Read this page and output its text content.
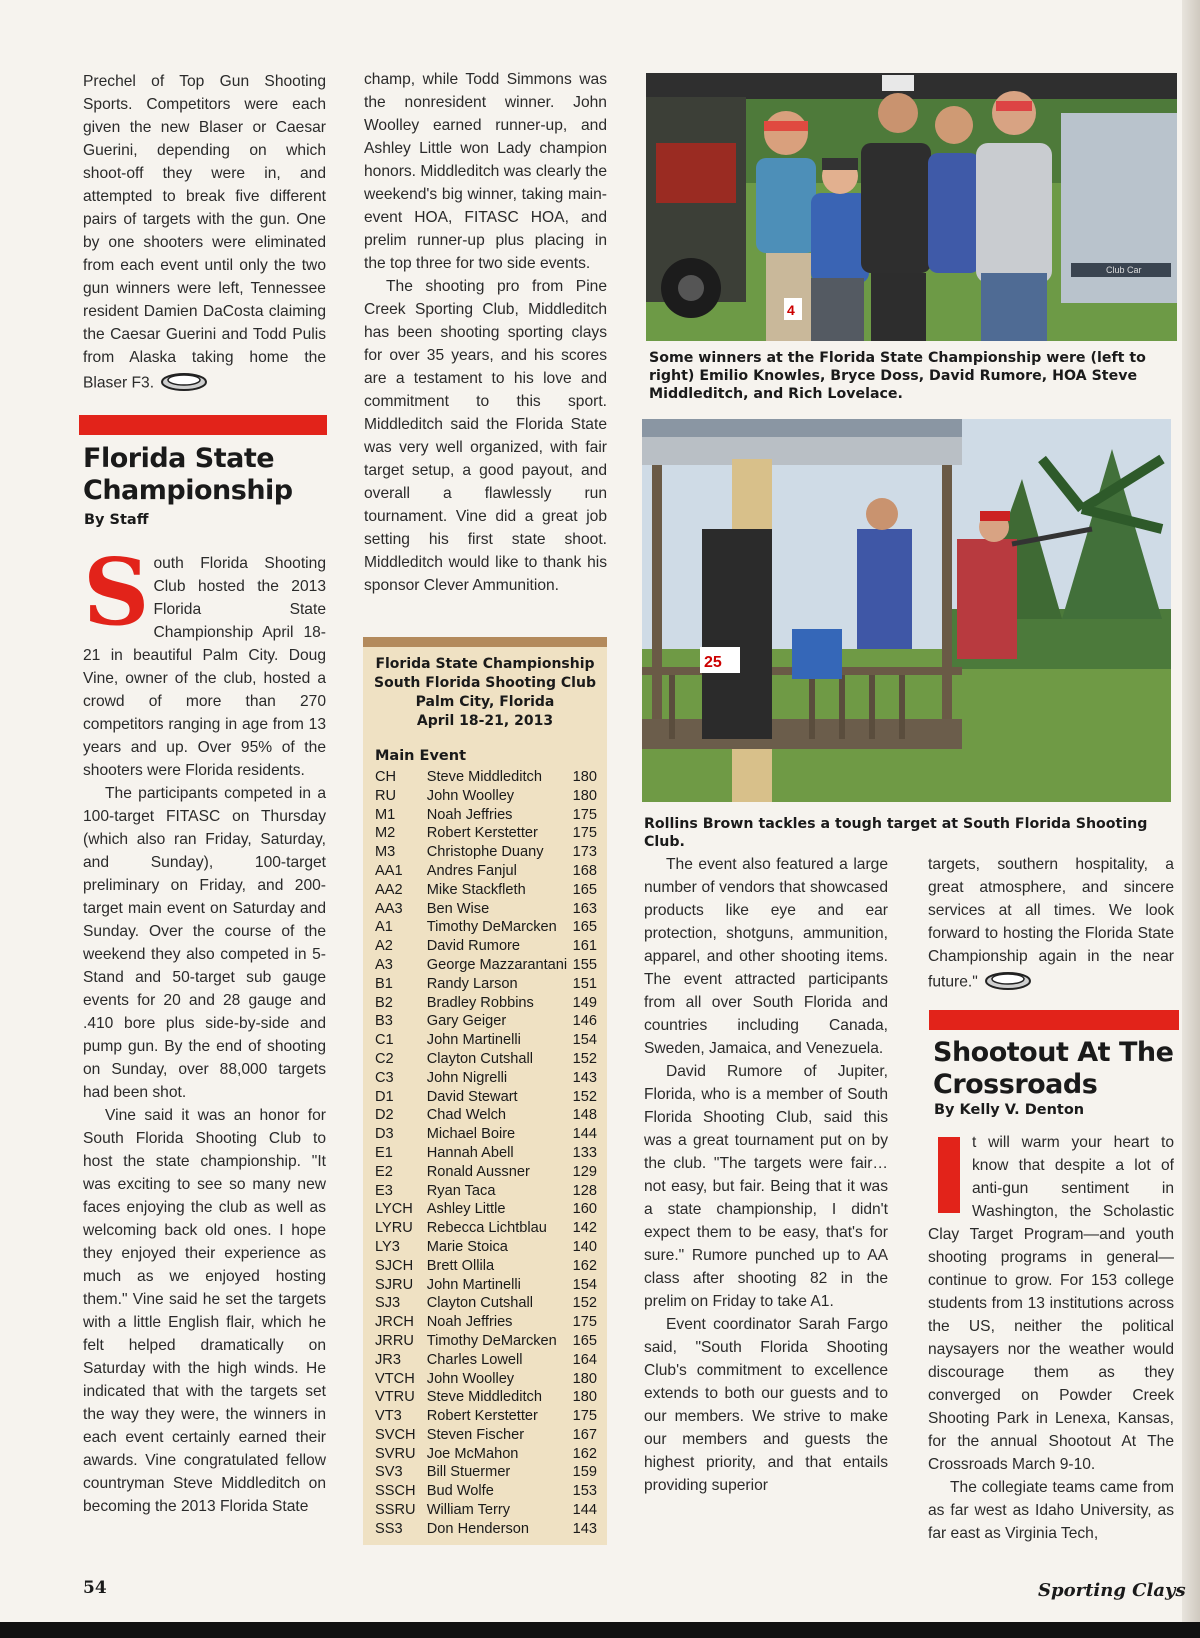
Prechel of Top Gun Shooting Sports. Competitors were each given the new Blaser or Caesar Guerini, depending on which shoot-off they were in, and attempted to break five different pairs of targets with the gun. One by one shooters were eliminated from each event until only the two gun winners were left, Tennessee resident Damien DaCosta claiming the Caesar Guerini and Todd Pulis from Alaska taking home the Blaser F3.

Florida State
Championship
By Staff

South Florida Shooting Club hosted the 2013 Florida State Championship April 18-21 in beautiful Palm City. Doug Vine, owner of the club, hosted a crowd of more than 270 competitors ranging in age from 13 years and up. Over 95% of the shooters were Florida residents.

The participants competed in a 100-target FITASC on Thursday (which also ran Friday, Saturday, and Sunday), 100-target preliminary on Friday, and 200-target main event on Saturday and Sunday. Over the course of the weekend they also competed in 5-Stand and 50-target sub gauge events for 20 and 28 gauge and .410 bore plus side-by-side and pump gun. By the end of shooting on Sunday, over 88,000 targets had been shot.

Vine said it was an honor for South Florida Shooting Club to host the state championship. "It was exciting to see so many new faces enjoying the club as well as welcoming back old ones. I hope they enjoyed their experience as much as we enjoyed hosting them." Vine said he set the targets with a little English flair, which he felt helped dramatically on Saturday with the high winds. He indicated that with the targets set the way they were, the winners in each event certainly earned their awards. Vine congratulated fellow countryman Steve Middleditch on becoming the 2013 Florida State

champ, while Todd Simmons was the nonresident winner. John Woolley earned runner-up, and Ashley Little won Lady champion honors. Middleditch was clearly the weekend's big winner, taking main-event HOA, FITASC HOA, and prelim runner-up plus placing in the top three for two side events.

The shooting pro from Pine Creek Sporting Club, Middleditch has been shooting sporting clays for over 35 years, and his scores are a testament to his love and commitment to this sport. Middleditch said the Florida State was very well organized, with fair target setup, a good payout, and overall a flawlessly run tournament. Vine did a great job setting his first state shoot. Middleditch would like to thank his sponsor Clever Ammunition.

Florida State Championship
South Florida Shooting Club
Palm City, Florida
April 18-21, 2013
Main Event
CH	Steve Middleditch	180
RU	John Woolley	180
M1	Noah Jeffries	175
M2	Robert Kerstetter	175
M3	Christophe Duany	173
AA1	Andres Fanjul	168
AA2	Mike Stackfleth	165
AA3	Ben Wise	163
A1	Timothy DeMarcken	165
A2	David Rumore	161
A3	George Mazzarantani	155
B1	Randy Larson	151
B2	Bradley Robbins	149
B3	Gary Geiger	146
C1	John Martinelli	154
C2	Clayton Cutshall	152
C3	John Nigrelli	143
D1	David Stewart	152
D2	Chad Welch	148
D3	Michael Boire	144
E1	Hannah Abell	133
E2	Ronald Aussner	129
E3	Ryan Taca	128
LYCH	Ashley Little	160
LYRU	Rebecca Lichtblau	142
LY3	Marie Stoica	140
SJCH	Brett Ollila	162
SJRU	John Martinelli	154
SJ3	Clayton Cutshall	152
JRCH	Noah Jeffries	175
JRRU	Timothy DeMarcken	165
JR3	Charles Lowell	164
VTCH	John Woolley	180
VTRU	Steve Middleditch	180
VT3	Robert Kerstetter	175
SVCH	Steven Fischer	167
SVRU	Joe McMahon	162
SV3	Bill Stuermer	159
SSCH	Bud Wolfe	153
SSRU	William Terry	144
SS3	Don Henderson	143
Club Car
4
Some winners at the Florida State Championship were (left to right) Emilio Knowles, Bryce Doss, David Rumore, HOA Steve Middleditch, and Rich Lovelace.
25
Rollins Brown tackles a tough target at South Florida Shooting Club.

The event also featured a large number of vendors that showcased products like eye and ear protection, shotguns, ammunition, apparel, and other shooting items. The event attracted participants from all over South Florida and countries including Canada, Sweden, Jamaica, and Venezuela.

David Rumore of Jupiter, Florida, who is a member of South Florida Shooting Club, said this was a great tournament put on by the club. "The targets were fair…not easy, but fair. Being that it was a state championship, I didn't expect them to be easy, that's for sure." Rumore punched up to AA class after shooting 82 in the prelim on Friday to take A1.

Event coordinator Sarah Fargo said, "South Florida Shooting Club's commitment to excellence extends to both our guests and to our members. We strive to make our members and guests the highest priority, and that entails providing superior

targets, southern hospitality, a great atmosphere, and sincere services at all times. We look forward to hosting the Florida State Championship again in the near future."

Shootout At The
Crossroads
By Kelly V. Denton

t will warm your heart to know that despite a lot of anti-gun sentiment in Washington, the Scholastic Clay Target Program—and youth shooting programs in general—continue to grow. For 153 college students from 13 institutions across the US, neither the political naysayers nor the weather would discourage them as they converged on Powder Creek Shooting Park in Lenexa, Kansas, for the annual Shootout At The Crossroads March 9-10.

The collegiate teams came from as far west as Idaho University, as far east as Virginia Tech,

54	Sporting Clays
